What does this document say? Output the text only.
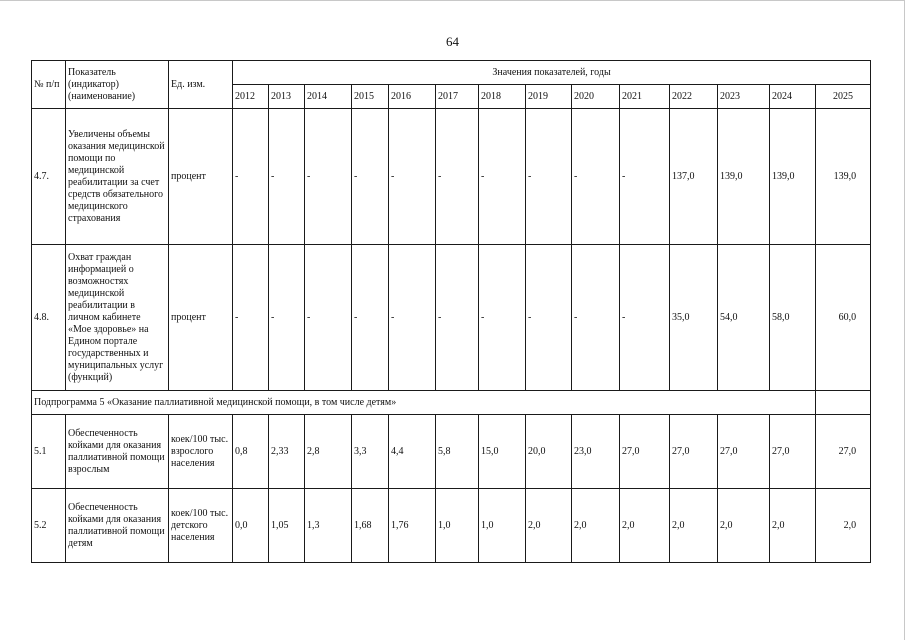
64
№ п/п	Показатель (индикатор) (наименование)	Ед. изм.	Значения показателей, годы													
			2012	2013	2014	2015	2016	2017	2018	2019	2020	2021	2022	2023	2024	2025
4.7.	Увеличены объемы оказания медицинской помощи по медицинской реабилитации за счет средств обязательного медицинского страхования	процент	-	-	-	-	-	-	-	-	-	-	137,0	139,0	139,0	139,0
4.8.	Охват граждан информацией о возможностях медицинской реабилитации в личном кабинете «Мое здоровье» на Едином портале государственных и муниципальных услуг (функций)	процент	-	-	-	-	-	-	-	-	-	-	35,0	54,0	58,0	60,0
Подпрограмма 5 «Оказание паллиативной медицинской помощи, в том числе детям»																
5.1	Обеспеченность койками для оказания паллиативной помощи взрослым	коек/100 тыс. взрослого населения	0,8	2,33	2,8	3,3	4,4	5,8	15,0	20,0	23,0	27,0	27,0	27,0	27,0	27,0
5.2	Обеспеченность койками для оказания паллиативной помощи детям	коек/100 тыс. детского населения	0,0	1,05	1,3	1,68	1,76	1,0	1,0	2,0	2,0	2,0	2,0	2,0	2,0	2,0
